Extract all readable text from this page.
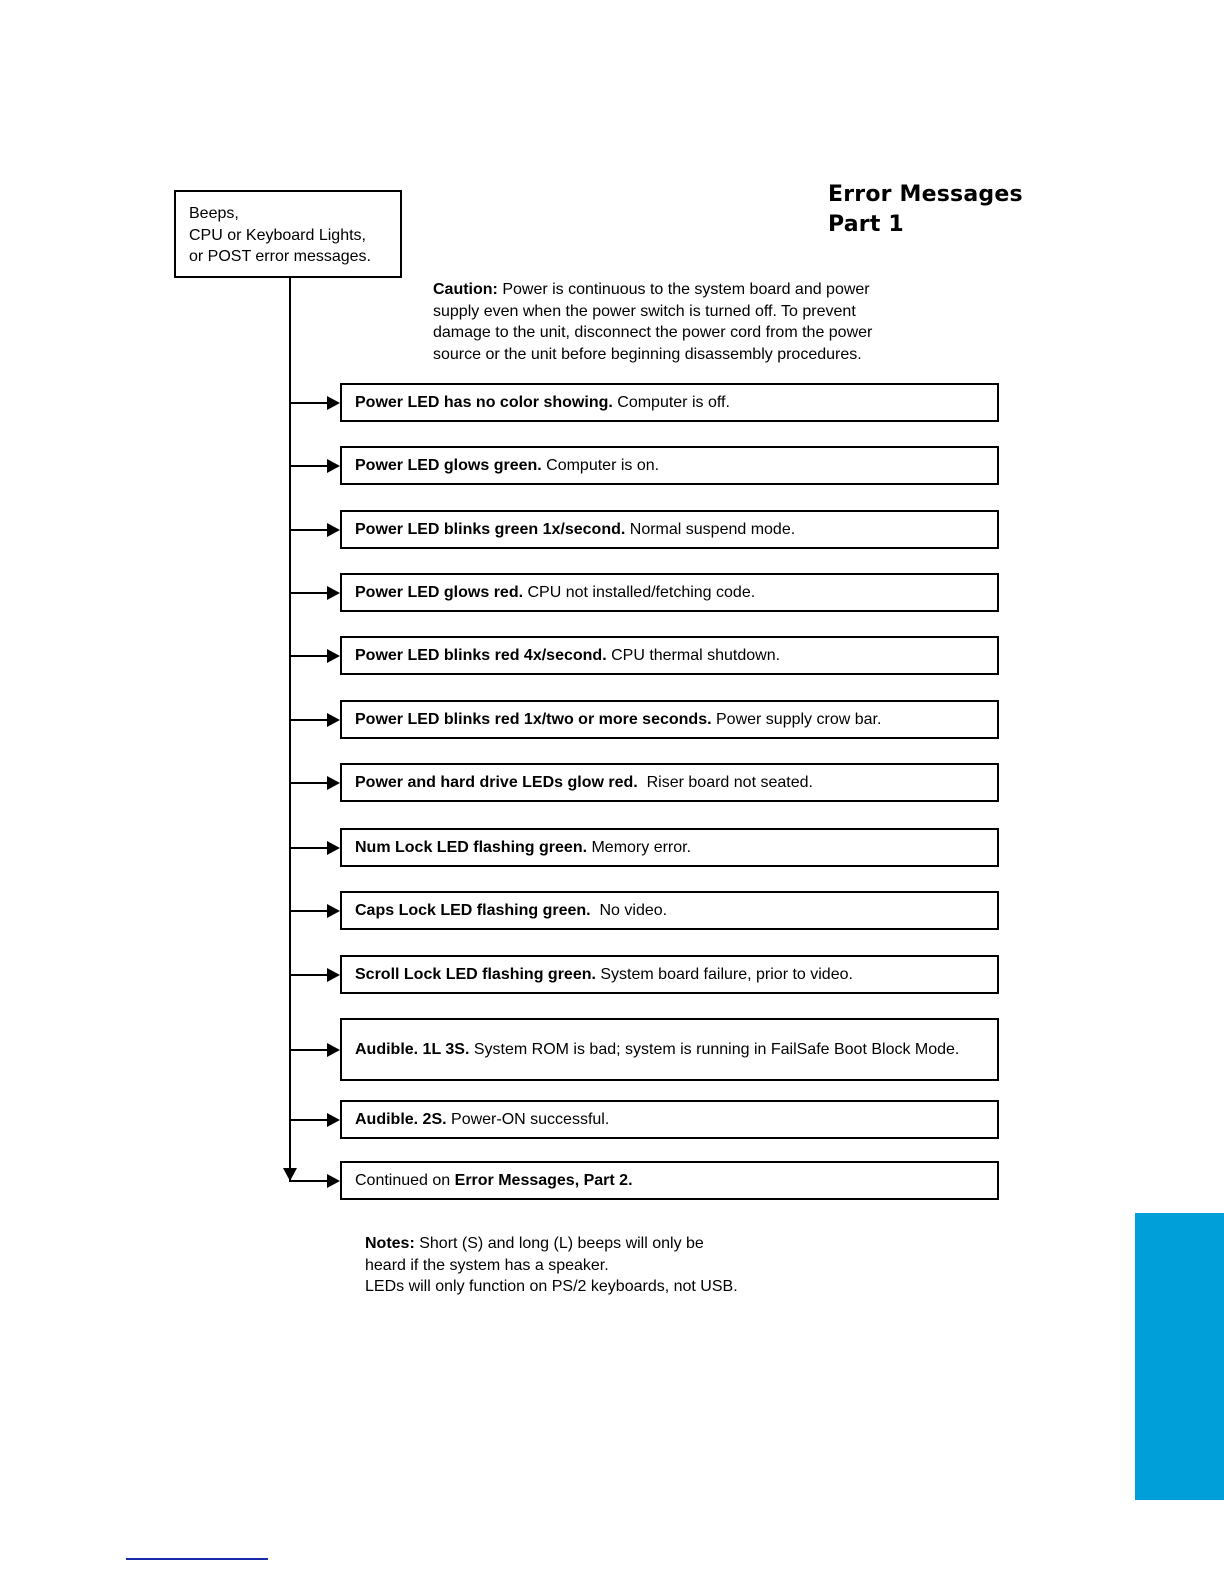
Error Messages
Part 1
Beeps,
CPU or Keyboard Lights,
or POST error messages.
Caution: Power is continuous to the system board and power
supply even when the power switch is turned off. To prevent
damage to the unit, disconnect the power cord from the power
source or the unit before beginning disassembly procedures.
Power LED has no color showing. Computer is off.
Power LED glows green. Computer is on.
Power LED blinks green 1x/second. Normal suspend mode.
Power LED glows red. CPU not installed/fetching code.
Power LED blinks red 4x/second. CPU thermal shutdown.
Power LED blinks red 1x/two or more seconds. Power supply crow bar.
Power and hard drive LEDs glow red.  Riser board not seated.
Num Lock LED flashing green. Memory error.
Caps Lock LED flashing green.  No video.
Scroll Lock LED flashing green. System board failure, prior to video.
Audible. 1L 3S. System ROM is bad; system is running in FailSafe Boot Block Mode.
Audible. 2S. Power-ON successful.
Continued on Error Messages, Part 2.
Notes: Short (S) and long (L) beeps will only be
heard if the system has a speaker.
LEDs will only function on PS/2 keyboards, not USB.
